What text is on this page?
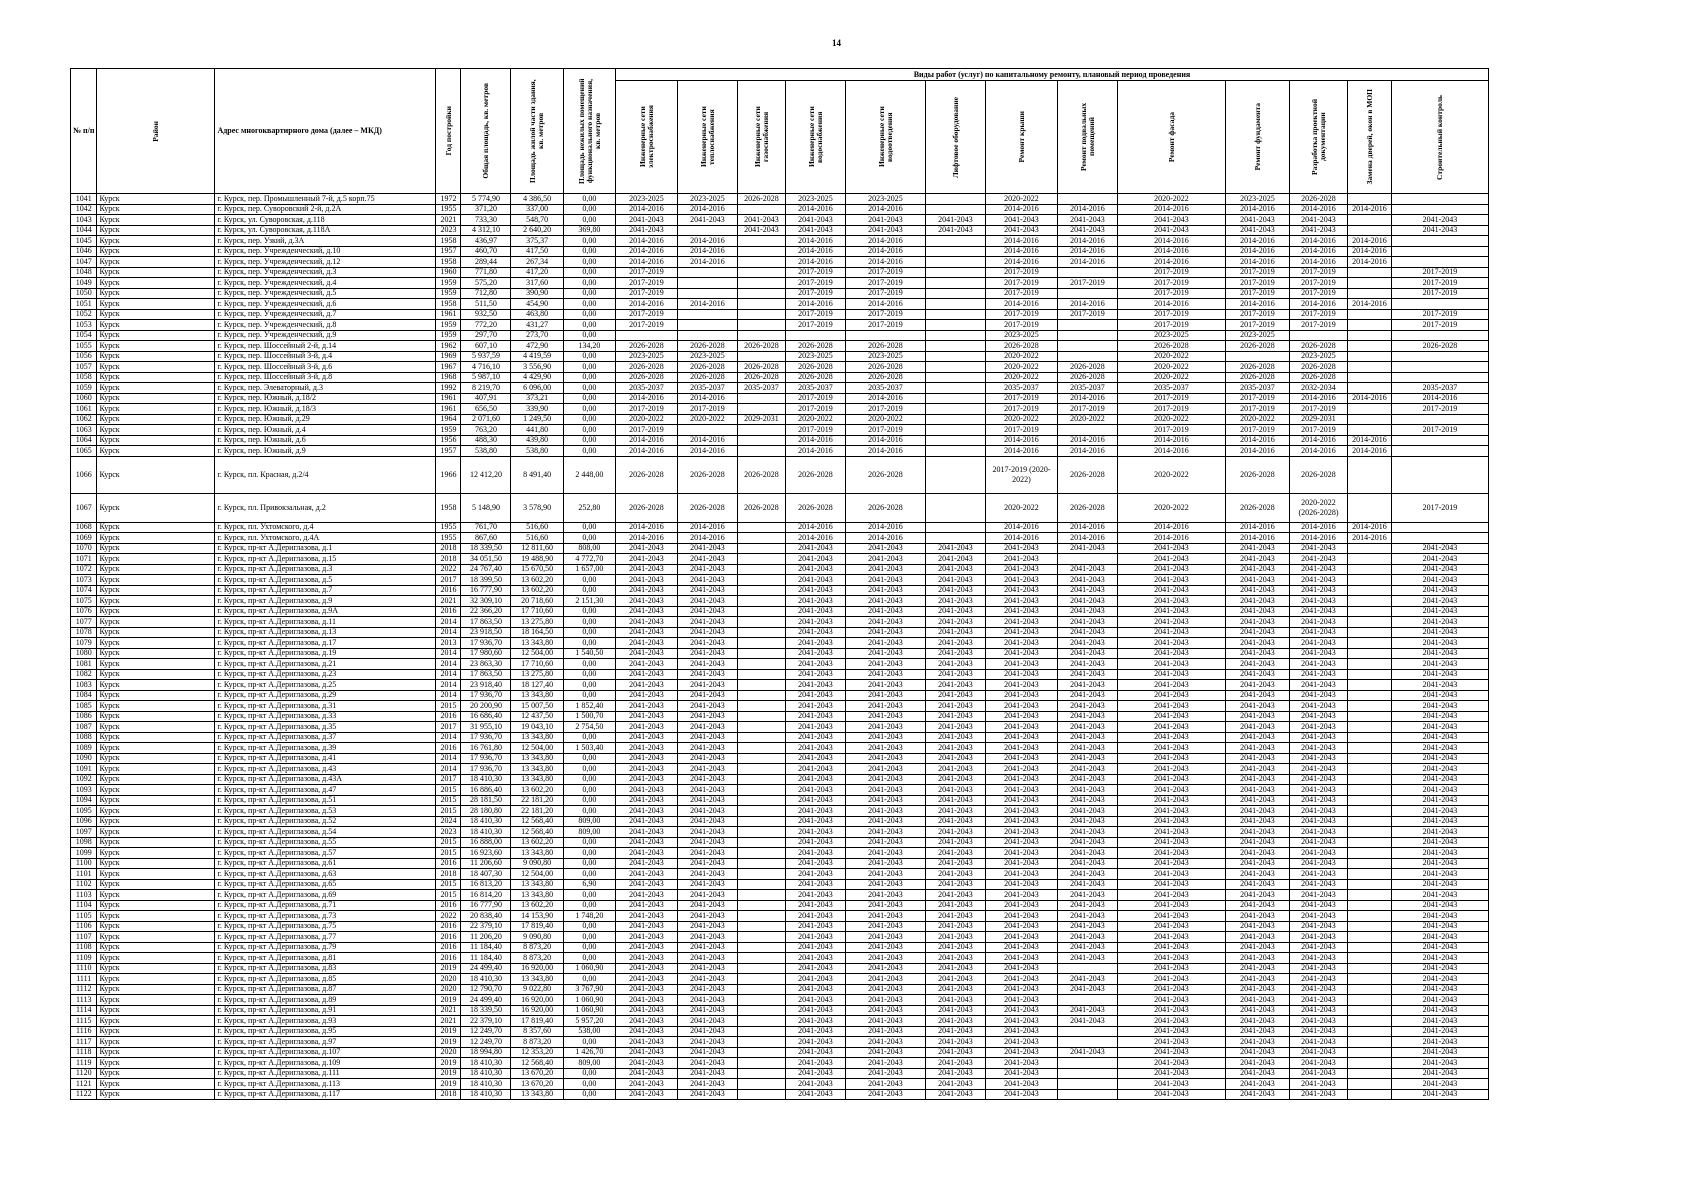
14
№ п/п	Район	Адрес многоквартирного дома (далее – МКД)	Год постройки	Общая площадь, кв. метров	Площадь жилой части здания, кв. метров	Площадь нежилых помещений функционального назначения, кв. метров	Виды работ (услуг) по капитальному ремонту, плановый период проведения												

							Инженерные сети электроснабжения	Инженерные сети теплоснабжения	Инженерные сети газоснабжения	Инженерные сети водоснабжения	Инженерные сети водоотведения	Лифтовое оборудование	Ремонт крыши	Ремонт подвальных помещений	Ремонт фасада	Ремонт фундамента	Разработка проектной документации	Замена дверей, окон в МОП	Строительный контроль

1041	Курск	г. Курск, пер. Промышленный 7-й, д.5 корп.75	1972	5 774,90	4 386,50	0,00	2023-2025	2023-2025	2026-2028	2023-2025	2023-2025		2020-2022		2020-2022	2023-2025	2026-2028		
1042	Курск	г. Курск, пер. Суворовский 2-й, д.2А	1955	371,20	337,00	0,00	2014-2016	2014-2016		2014-2016	2014-2016		2014-2016	2014-2016	2014-2016	2014-2016	2014-2016	2014-2016	
1043	Курск	г. Курск, ул. Суворовская, д.118	2021	733,30	548,70	0,00	2041-2043	2041-2043	2041-2043	2041-2043	2041-2043	2041-2043	2041-2043	2041-2043	2041-2043	2041-2043	2041-2043		2041-2043
1044	Курск	г. Курск, ул. Суворовская, д.118А	2023	4 312,10	2 640,20	369,80	2041-2043		2041-2043	2041-2043	2041-2043	2041-2043	2041-2043	2041-2043	2041-2043	2041-2043	2041-2043		2041-2043
1045	Курск	г. Курск, пер. Узкий, д.3А	1958	436,97	375,37	0,00	2014-2016	2014-2016		2014-2016	2014-2016		2014-2016	2014-2016	2014-2016	2014-2016	2014-2016	2014-2016	
1046	Курск	г. Курск, пер. Учрежденческий, д.10	1957	460,70	417,50	0,00	2014-2016	2014-2016		2014-2016	2014-2016		2014-2016	2014-2016	2014-2016	2014-2016	2014-2016	2014-2016	
1047	Курск	г. Курск, пер. Учрежденческий, д.12	1958	289,44	267,34	0,00	2014-2016	2014-2016		2014-2016	2014-2016		2014-2016	2014-2016	2014-2016	2014-2016	2014-2016	2014-2016	
1048	Курск	г. Курск, пер. Учрежденческий, д.3	1960	771,80	417,20	0,00	2017-2019			2017-2019	2017-2019		2017-2019		2017-2019	2017-2019	2017-2019		2017-2019
1049	Курск	г. Курск, пер. Учрежденческий, д.4	1959	575,20	317,60	0,00	2017-2019			2017-2019	2017-2019		2017-2019	2017-2019	2017-2019	2017-2019	2017-2019		2017-2019
1050	Курск	г. Курск, пер. Учрежденческий, д.5	1959	712,80	390,90	0,00	2017-2019			2017-2019	2017-2019		2017-2019		2017-2019	2017-2019	2017-2019		2017-2019
1051	Курск	г. Курск, пер. Учрежденческий, д.6	1958	511,50	454,90	0,00	2014-2016	2014-2016		2014-2016	2014-2016		2014-2016	2014-2016	2014-2016	2014-2016	2014-2016	2014-2016	
1052	Курск	г. Курск, пер. Учрежденческий, д.7	1961	932,50	463,80	0,00	2017-2019			2017-2019	2017-2019		2017-2019	2017-2019	2017-2019	2017-2019	2017-2019		2017-2019
1053	Курск	г. Курск, пер. Учрежденческий, д.8	1959	772,20	431,27	0,00	2017-2019			2017-2019	2017-2019		2017-2019		2017-2019	2017-2019	2017-2019		2017-2019
1054	Курск	г. Курск, пер. Учрежденческий, д.9	1959	297,70	273,70	0,00							2023-2025		2023-2025	2023-2025			
1055	Курск	г. Курск, пер. Шоссейный 2-й, д.14	1962	607,10	472,90	134,20	2026-2028	2026-2028	2026-2028	2026-2028	2026-2028		2026-2028		2026-2028	2026-2028	2026-2028		2026-2028
1056	Курск	г. Курск, пер. Шоссейный 3-й, д.4	1969	5 937,59	4 419,59	0,00	2023-2025	2023-2025		2023-2025	2023-2025		2020-2022		2020-2022		2023-2025		
1057	Курск	г. Курск, пер. Шоссейный 3-й, д.6	1967	4 716,10	3 556,90	0,00	2026-2028	2026-2028	2026-2028	2026-2028	2026-2028		2020-2022	2026-2028	2020-2022	2026-2028	2026-2028		
1058	Курск	г. Курск, пер. Шоссейный 3-й, д.8	1968	5 987,10	4 429,90	0,00	2026-2028	2026-2028	2026-2028	2026-2028	2026-2028		2020-2022	2026-2028	2020-2022	2026-2028	2026-2028		
1059	Курск	г. Курск, пер. Элеваторный, д.3	1992	8 219,70	6 096,00	0,00	2035-2037	2035-2037	2035-2037	2035-2037	2035-2037		2035-2037	2035-2037	2035-2037	2035-2037	2032-2034		2035-2037
1060	Курск	г. Курск, пер. Южный, д.18/2	1961	407,91	373,21	0,00	2014-2016	2014-2016		2017-2019	2014-2016		2017-2019	2014-2016	2017-2019	2017-2019	2014-2016	2014-2016	2014-2016
1061	Курск	г. Курск, пер. Южный, д.18/3	1961	656,50	339,90	0,00	2017-2019	2017-2019		2017-2019	2017-2019		2017-2019	2017-2019	2017-2019	2017-2019	2017-2019		2017-2019
1062	Курск	г. Курск, пер. Южный, д.29	1964	2 071,60	1 249,50	0,00	2020-2022	2020-2022	2029-2031	2020-2022	2020-2022		2020-2022	2020-2022	2020-2022	2020-2022	2029-2031		
1063	Курск	г. Курск, пер. Южный, д.4	1959	763,20	441,80	0,00	2017-2019			2017-2019	2017-2019		2017-2019		2017-2019	2017-2019	2017-2019		2017-2019
1064	Курск	г. Курск, пер. Южный, д.6	1956	488,30	439,80	0,00	2014-2016	2014-2016		2014-2016	2014-2016		2014-2016	2014-2016	2014-2016	2014-2016	2014-2016	2014-2016	
1065	Курск	г. Курск, пер. Южный, д.9	1957	538,80	538,80	0,00	2014-2016	2014-2016		2014-2016	2014-2016		2014-2016	2014-2016	2014-2016	2014-2016	2014-2016	2014-2016	
1066	Курск	г. Курск, пл. Красная, д.2/4	1966	12 412,20	8 491,40	2 448,00	2026-2028	2026-2028	2026-2028	2026-2028	2026-2028		2017-2019 (2020-2022)	2026-2028	2020-2022	2026-2028	2026-2028		
1067	Курск	г. Курск, пл. Привокзальная, д.2	1958	5 148,90	3 578,90	252,80	2026-2028	2026-2028	2026-2028	2026-2028	2026-2028		2020-2022	2026-2028	2020-2022	2026-2028	2020-2022 (2026-2028)		2017-2019
1068	Курск	г. Курск, пл. Ухтомского, д.4	1955	761,70	516,60	0,00	2014-2016	2014-2016		2014-2016	2014-2016		2014-2016	2014-2016	2014-2016	2014-2016	2014-2016	2014-2016	
1069	Курск	г. Курск, пл. Ухтомского, д.4А	1955	867,60	516,60	0,00	2014-2016	2014-2016		2014-2016	2014-2016		2014-2016	2014-2016	2014-2016	2014-2016	2014-2016	2014-2016	
1070	Курск	г. Курск, пр-кт А.Дериглазова, д.1	2018	18 339,50	12 811,60	808,00	2041-2043	2041-2043		2041-2043	2041-2043	2041-2043	2041-2043	2041-2043	2041-2043	2041-2043	2041-2043		2041-2043
1071	Курск	г. Курск, пр-кт А.Дериглазова, д.15	2018	34 051,50	19 488,90	4 772,70	2041-2043	2041-2043		2041-2043	2041-2043	2041-2043	2041-2043		2041-2043	2041-2043	2041-2043		2041-2043
1072	Курск	г. Курск, пр-кт А.Дериглазова, д.3	2022	24 767,40	15 670,50	1 657,00	2041-2043	2041-2043		2041-2043	2041-2043	2041-2043	2041-2043	2041-2043	2041-2043	2041-2043	2041-2043		2041-2043
1073	Курск	г. Курск, пр-кт А.Дериглазова, д.5	2017	18 399,50	13 602,20	0,00	2041-2043	2041-2043		2041-2043	2041-2043	2041-2043	2041-2043	2041-2043	2041-2043	2041-2043	2041-2043		2041-2043
1074	Курск	г. Курск, пр-кт А.Дериглазова, д.7	2016	16 777,90	13 602,20	0,00	2041-2043	2041-2043		2041-2043	2041-2043	2041-2043	2041-2043	2041-2043	2041-2043	2041-2043	2041-2043		2041-2043
1075	Курск	г. Курск, пр-кт А.Дериглазова, д.9	2021	32 309,10	20 718,60	2 151,30	2041-2043	2041-2043		2041-2043	2041-2043	2041-2043	2041-2043	2041-2043	2041-2043	2041-2043	2041-2043		2041-2043
1076	Курск	г. Курск, пр-кт А.Дериглазова, д.9А	2016	22 366,20	17 710,60	0,00	2041-2043	2041-2043		2041-2043	2041-2043	2041-2043	2041-2043	2041-2043	2041-2043	2041-2043	2041-2043		2041-2043
1077	Курск	г. Курск, пр-кт А.Дериглазова, д.11	2014	17 863,50	13 275,80	0,00	2041-2043	2041-2043		2041-2043	2041-2043	2041-2043	2041-2043	2041-2043	2041-2043	2041-2043	2041-2043		2041-2043
1078	Курск	г. Курск, пр-кт А.Дериглазова, д.13	2014	23 918,50	18 164,50	0,00	2041-2043	2041-2043		2041-2043	2041-2043	2041-2043	2041-2043	2041-2043	2041-2043	2041-2043	2041-2043		2041-2043
1079	Курск	г. Курск, пр-кт А.Дериглазова, д.17	2013	17 936,70	13 343,80	0,00	2041-2043	2041-2043		2041-2043	2041-2043	2041-2043	2041-2043	2041-2043	2041-2043	2041-2043	2041-2043		2041-2043
1080	Курск	г. Курск, пр-кт А.Дериглазова, д.19	2014	17 980,60	12 504,00	1 540,50	2041-2043	2041-2043		2041-2043	2041-2043	2041-2043	2041-2043	2041-2043	2041-2043	2041-2043	2041-2043		2041-2043
1081	Курск	г. Курск, пр-кт А.Дериглазова, д.21	2014	23 863,30	17 710,60	0,00	2041-2043	2041-2043		2041-2043	2041-2043	2041-2043	2041-2043	2041-2043	2041-2043	2041-2043	2041-2043		2041-2043
1082	Курск	г. Курск, пр-кт А.Дериглазова, д.23	2014	17 863,50	13 275,80	0,00	2041-2043	2041-2043		2041-2043	2041-2043	2041-2043	2041-2043	2041-2043	2041-2043	2041-2043	2041-2043		2041-2043
1083	Курск	г. Курск, пр-кт А.Дериглазова, д.25	2014	23 918,40	18 127,40	0,00	2041-2043	2041-2043		2041-2043	2041-2043	2041-2043	2041-2043	2041-2043	2041-2043	2041-2043	2041-2043		2041-2043
1084	Курск	г. Курск, пр-кт А.Дериглазова, д.29	2014	17 936,70	13 343,80	0,00	2041-2043	2041-2043		2041-2043	2041-2043	2041-2043	2041-2043	2041-2043	2041-2043	2041-2043	2041-2043		2041-2043
1085	Курск	г. Курск, пр-кт А.Дериглазова, д.31	2015	20 200,90	15 007,50	1 852,40	2041-2043	2041-2043		2041-2043	2041-2043	2041-2043	2041-2043	2041-2043	2041-2043	2041-2043	2041-2043		2041-2043
1086	Курск	г. Курск, пр-кт А.Дериглазова, д.33	2016	16 686,40	12 437,50	1 500,70	2041-2043	2041-2043		2041-2043	2041-2043	2041-2043	2041-2043	2041-2043	2041-2043	2041-2043	2041-2043		2041-2043
1087	Курск	г. Курск, пр-кт А.Дериглазова, д.35	2017	31 955,10	19 043,10	2 754,50	2041-2043	2041-2043		2041-2043	2041-2043	2041-2043	2041-2043	2041-2043	2041-2043	2041-2043	2041-2043		2041-2043
1088	Курск	г. Курск, пр-кт А.Дериглазова, д.37	2014	17 936,70	13 343,80	0,00	2041-2043	2041-2043		2041-2043	2041-2043	2041-2043	2041-2043	2041-2043	2041-2043	2041-2043	2041-2043		2041-2043
1089	Курск	г. Курск, пр-кт А.Дериглазова, д.39	2016	16 761,80	12 504,00	1 503,40	2041-2043	2041-2043		2041-2043	2041-2043	2041-2043	2041-2043	2041-2043	2041-2043	2041-2043	2041-2043		2041-2043
1090	Курск	г. Курск, пр-кт А.Дериглазова, д.41	2014	17 936,70	13 343,80	0,00	2041-2043	2041-2043		2041-2043	2041-2043	2041-2043	2041-2043	2041-2043	2041-2043	2041-2043	2041-2043		2041-2043
1091	Курск	г. Курск, пр-кт А.Дериглазова, д.43	2014	17 936,70	13 343,80	0,00	2041-2043	2041-2043		2041-2043	2041-2043	2041-2043	2041-2043	2041-2043	2041-2043	2041-2043	2041-2043		2041-2043
1092	Курск	г. Курск, пр-кт А.Дериглазова, д.43А	2017	18 410,30	13 343,80	0,00	2041-2043	2041-2043		2041-2043	2041-2043	2041-2043	2041-2043	2041-2043	2041-2043	2041-2043	2041-2043		2041-2043
1093	Курск	г. Курск, пр-кт А.Дериглазова, д.47	2015	16 886,40	13 602,20	0,00	2041-2043	2041-2043		2041-2043	2041-2043	2041-2043	2041-2043	2041-2043	2041-2043	2041-2043	2041-2043		2041-2043
1094	Курск	г. Курск, пр-кт А.Дериглазова, д.51	2015	28 181,50	22 181,20	0,00	2041-2043	2041-2043		2041-2043	2041-2043	2041-2043	2041-2043	2041-2043	2041-2043	2041-2043	2041-2043		2041-2043
1095	Курск	г. Курск, пр-кт А.Дериглазова, д.53	2015	28 180,80	22 181,20	0,00	2041-2043	2041-2043		2041-2043	2041-2043	2041-2043	2041-2043	2041-2043	2041-2043	2041-2043	2041-2043		2041-2043
1096	Курск	г. Курск, пр-кт А.Дериглазова, д.52	2024	18 410,30	12 568,40	809,00	2041-2043	2041-2043		2041-2043	2041-2043	2041-2043	2041-2043	2041-2043	2041-2043	2041-2043	2041-2043		2041-2043
1097	Курск	г. Курск, пр-кт А.Дериглазова, д.54	2023	18 410,30	12 568,40	809,00	2041-2043	2041-2043		2041-2043	2041-2043	2041-2043	2041-2043	2041-2043	2041-2043	2041-2043	2041-2043		2041-2043
1098	Курск	г. Курск, пр-кт А.Дериглазова, д.55	2015	16 888,00	13 602,20	0,00	2041-2043	2041-2043		2041-2043	2041-2043	2041-2043	2041-2043	2041-2043	2041-2043	2041-2043	2041-2043		2041-2043
1099	Курск	г. Курск, пр-кт А.Дериглазова, д.57	2015	16 923,60	13 343,80	0,00	2041-2043	2041-2043		2041-2043	2041-2043	2041-2043	2041-2043	2041-2043	2041-2043	2041-2043	2041-2043		2041-2043
1100	Курск	г. Курск, пр-кт А.Дериглазова, д.61	2016	11 206,60	9 090,80	0,00	2041-2043	2041-2043		2041-2043	2041-2043	2041-2043	2041-2043	2041-2043	2041-2043	2041-2043	2041-2043		2041-2043
1101	Курск	г. Курск, пр-кт А.Дериглазова, д.63	2018	18 407,30	12 504,00	0,00	2041-2043	2041-2043		2041-2043	2041-2043	2041-2043	2041-2043	2041-2043	2041-2043	2041-2043	2041-2043		2041-2043
1102	Курск	г. Курск, пр-кт А.Дериглазова, д.65	2015	16 813,20	13 343,80	6,90	2041-2043	2041-2043		2041-2043	2041-2043	2041-2043	2041-2043	2041-2043	2041-2043	2041-2043	2041-2043		2041-2043
1103	Курск	г. Курск, пр-кт А.Дериглазова, д.69	2015	16 814,20	13 343,80	0,00	2041-2043	2041-2043		2041-2043	2041-2043	2041-2043	2041-2043	2041-2043	2041-2043	2041-2043	2041-2043		2041-2043
1104	Курск	г. Курск, пр-кт А.Дериглазова, д.71	2016	16 777,90	13 602,20	0,00	2041-2043	2041-2043		2041-2043	2041-2043	2041-2043	2041-2043	2041-2043	2041-2043	2041-2043	2041-2043		2041-2043
1105	Курск	г. Курск, пр-кт А.Дериглазова, д.73	2022	20 838,40	14 153,90	1 748,20	2041-2043	2041-2043		2041-2043	2041-2043	2041-2043	2041-2043	2041-2043	2041-2043	2041-2043	2041-2043		2041-2043
1106	Курск	г. Курск, пр-кт А.Дериглазова, д.75	2016	22 379,10	17 819,40	0,00	2041-2043	2041-2043		2041-2043	2041-2043	2041-2043	2041-2043	2041-2043	2041-2043	2041-2043	2041-2043		2041-2043
1107	Курск	г. Курск, пр-кт А.Дериглазова, д.77	2016	11 206,20	9 090,80	0,00	2041-2043	2041-2043		2041-2043	2041-2043	2041-2043	2041-2043	2041-2043	2041-2043	2041-2043	2041-2043		2041-2043
1108	Курск	г. Курск, пр-кт А.Дериглазова, д.79	2016	11 184,40	8 873,20	0,00	2041-2043	2041-2043		2041-2043	2041-2043	2041-2043	2041-2043	2041-2043	2041-2043	2041-2043	2041-2043		2041-2043
1109	Курск	г. Курск, пр-кт А.Дериглазова, д.81	2016	11 184,40	8 873,20	0,00	2041-2043	2041-2043		2041-2043	2041-2043	2041-2043	2041-2043	2041-2043	2041-2043	2041-2043	2041-2043		2041-2043
1110	Курск	г. Курск, пр-кт А.Дериглазова, д.83	2019	24 499,40	16 920,00	1 060,90	2041-2043	2041-2043		2041-2043	2041-2043	2041-2043	2041-2043		2041-2043	2041-2043	2041-2043		2041-2043
1111	Курск	г. Курск, пр-кт А.Дериглазова, д.85	2020	18 410,30	13 343,80	0,00	2041-2043	2041-2043		2041-2043	2041-2043	2041-2043	2041-2043	2041-2043	2041-2043	2041-2043	2041-2043		2041-2043
1112	Курск	г. Курск, пр-кт А.Дериглазова, д.87	2020	12 790,70	9 022,80	3 767,90	2041-2043	2041-2043		2041-2043	2041-2043	2041-2043	2041-2043	2041-2043	2041-2043	2041-2043	2041-2043		2041-2043
1113	Курск	г. Курск, пр-кт А.Дериглазова, д.89	2019	24 499,40	16 920,00	1 060,90	2041-2043	2041-2043		2041-2043	2041-2043	2041-2043	2041-2043		2041-2043	2041-2043	2041-2043		2041-2043
1114	Курск	г. Курск, пр-кт А.Дериглазова, д.91	2021	18 339,50	16 920,00	1 060,90	2041-2043	2041-2043		2041-2043	2041-2043	2041-2043	2041-2043	2041-2043	2041-2043	2041-2043	2041-2043		2041-2043
1115	Курск	г. Курск, пр-кт А.Дериглазова, д.93	2021	22 379,10	17 819,40	5 957,20	2041-2043	2041-2043		2041-2043	2041-2043	2041-2043	2041-2043	2041-2043	2041-2043	2041-2043	2041-2043		2041-2043
1116	Курск	г. Курск, пр-кт А.Дериглазова, д.95	2019	12 249,70	8 357,60	538,00	2041-2043	2041-2043		2041-2043	2041-2043	2041-2043	2041-2043		2041-2043	2041-2043	2041-2043		2041-2043
1117	Курск	г. Курск, пр-кт А.Дериглазова, д.97	2019	12 249,70	8 873,20	0,00	2041-2043	2041-2043		2041-2043	2041-2043	2041-2043	2041-2043		2041-2043	2041-2043	2041-2043		2041-2043
1118	Курск	г. Курск, пр-кт А.Дериглазова, д.107	2020	18 994,80	12 353,20	1 426,70	2041-2043	2041-2043		2041-2043	2041-2043	2041-2043	2041-2043	2041-2043	2041-2043	2041-2043	2041-2043		2041-2043
1119	Курск	г. Курск, пр-кт А.Дериглазова, д.109	2019	18 410,30	12 568,40	809,00	2041-2043	2041-2043		2041-2043	2041-2043	2041-2043	2041-2043		2041-2043	2041-2043	2041-2043		2041-2043
1120	Курск	г. Курск, пр-кт А.Дериглазова, д.111	2019	18 410,30	13 670,20	0,00	2041-2043	2041-2043		2041-2043	2041-2043	2041-2043	2041-2043		2041-2043	2041-2043	2041-2043		2041-2043
1121	Курск	г. Курск, пр-кт А.Дериглазова, д.113	2019	18 410,30	13 670,20	0,00	2041-2043	2041-2043		2041-2043	2041-2043	2041-2043	2041-2043		2041-2043	2041-2043	2041-2043		2041-2043
1122	Курск	г. Курск, пр-кт А.Дериглазова, д.117	2018	18 410,30	13 343,80	0,00	2041-2043	2041-2043		2041-2043	2041-2043	2041-2043	2041-2043		2041-2043	2041-2043	2041-2043		2041-2043
